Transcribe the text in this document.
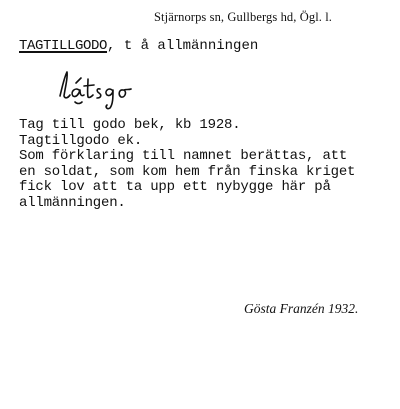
Stjärnorps sn, Gullbergs hd, Ögl. l.
TAGTILLGODO, t å allmänningen
Tag till godo bek, kb 1928.
Tagtillgodo ek.
Som förklaring till namnet berättas, att
en soldat, som kom hem från finska kriget
fick lov att ta upp ett nybygge här på
allmänningen.
Gösta Franzén 1932.
